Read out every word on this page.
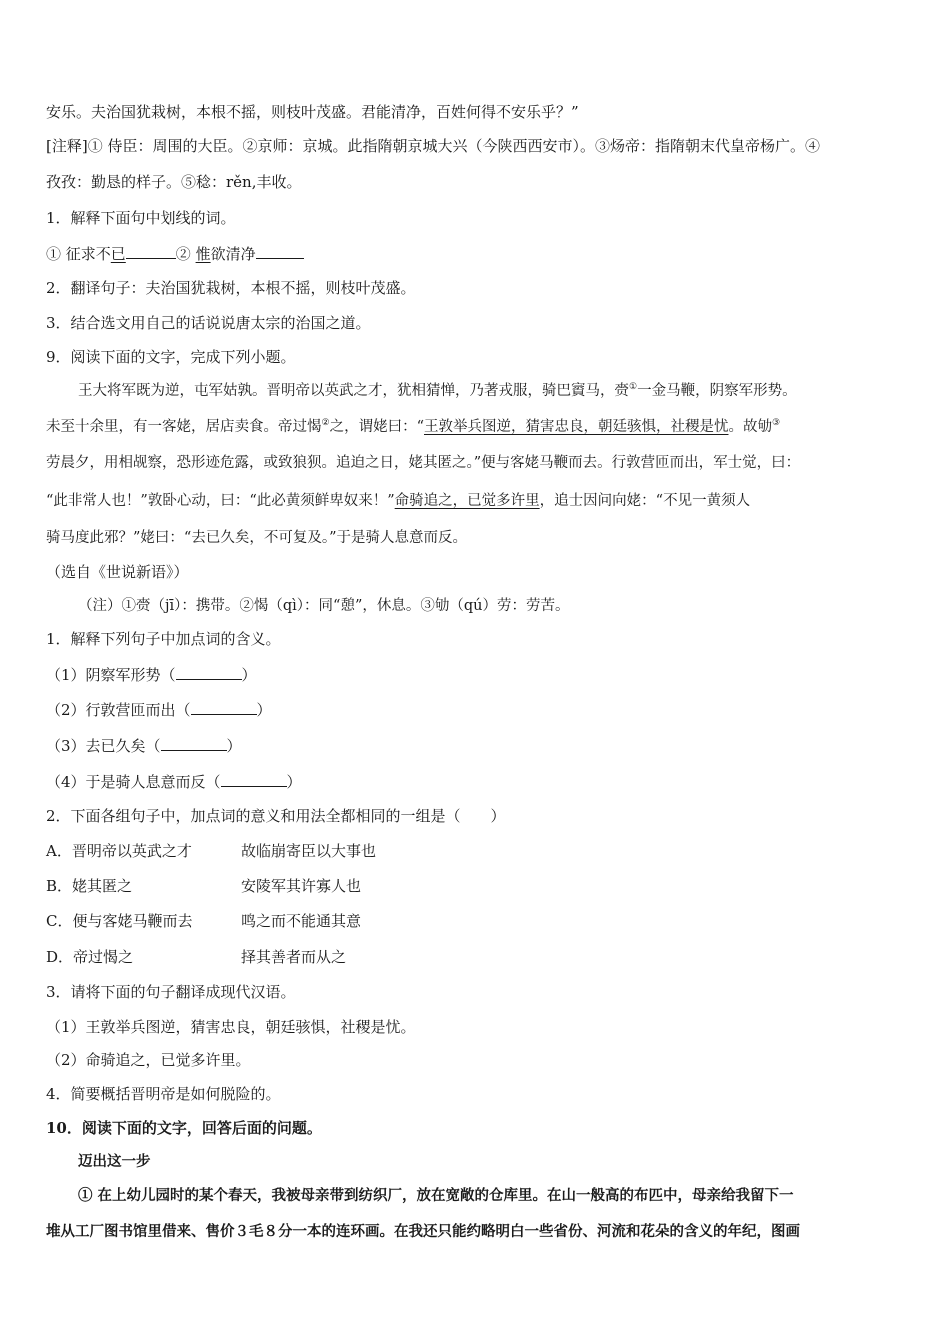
安乐。夫治国犹栽树，本根不摇，则枝叶茂盛。君能清净，百姓何得不安乐乎？”
[注释]① 侍臣：周围的大臣。②京师：京城。此指隋朝京城大兴（今陕西西安市）。③炀帝：指隋朝末代皇帝杨广。④
孜孜：勤恳的样子。⑤稔：rěn,丰收。
1．解释下面句中划线的词。
① 征求不已	② 惟欲清净
2．翻译句子：夫治国犹栽树，本根不摇，则枝叶茂盛。
3．结合选文用自己的话说说唐太宗的治国之道。
9．阅读下面的文字，完成下列小题。
王大将军既为逆，屯军姑孰。晋明帝以英武之才，犹相猜惮，乃著戎服，骑巴賨马，赍①一金马鞭，阴察军形势。
未至十余里，有一客姥，居店卖食。帝过愒②之，谓姥曰：“王敦举兵图逆，猜害忠良，朝廷骇惧，社稷是忧。故劬③
劳晨夕，用相觇察，恐形迹危露，或致狼狈。追迫之日，姥其匿之。”便与客姥马鞭而去。行敦营匝而出，军士觉，曰：
“此非常人也！”敦卧心动，曰：“此必黄须鲜卑奴来！”命骑追之，已觉多许里，追士因问向姥：“不见一黄须人
骑马度此邪？”姥曰：“去已久矣，不可复及。”于是骑人息意而反。
（选自《世说新语》）
（注）①赍（jī）：携带。②愒（qì）：同“憩”，休息。③劬（qú）劳：劳苦。
1．解释下列句子中加点词的含义。
（1）阴察军形势（	）
（2）行敦营匝而出（	）
（3）去已久矣（	）
（4）于是骑人息意而反（	）
2．下面各组句子中，加点词的意义和用法全都相同的一组是（　　）
A．晋明帝以英武之才	故临崩寄臣以大事也
B．姥其匿之	安陵军其许寡人也
C．便与客姥马鞭而去	鸣之而不能通其意
D．帝过愒之	择其善者而从之
3．请将下面的句子翻译成现代汉语。
（1）王敦举兵图逆，猜害忠良，朝廷骇惧，社稷是忧。
（2）命骑追之，已觉多许里。
4．简要概括晋明帝是如何脱险的。
10．阅读下面的文字，回答后面的问题。
迈出这一步
① 在上幼儿园时的某个春天，我被母亲带到纺织厂，放在宽敞的仓库里。在山一般高的布匹中，母亲给我留下一
堆从工厂图书馆里借来、售价３毛８分一本的连环画。在我还只能约略明白一些省份、河流和花朵的含义的年纪，图画
